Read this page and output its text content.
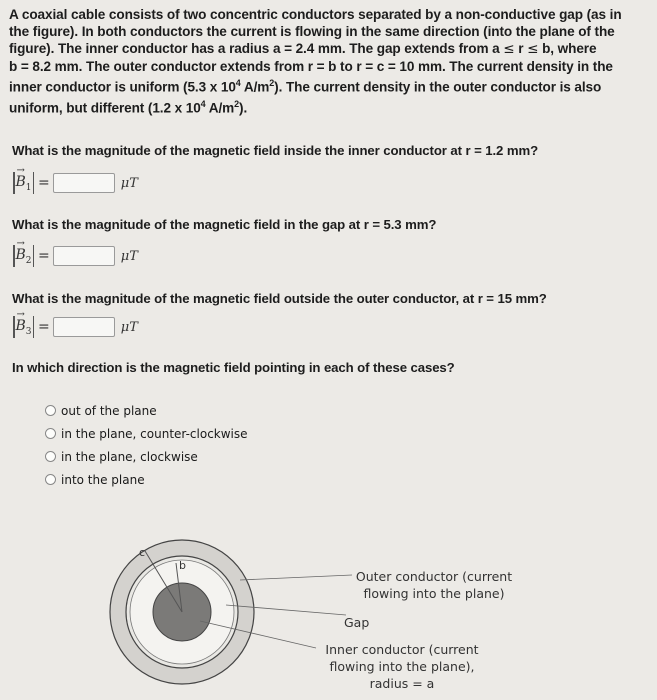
A coaxial cable consists of two concentric conductors separated by a non-conductive gap (as in
the figure). In both conductors the current is flowing in the same direction (into the plane of the
figure). The inner conductor has a radius a = 2.4 mm. The gap extends from a ≤ r ≤ b, where
b = 8.2 mm. The outer conductor extends from r = b to r = c = 10 mm. The current density in the
inner conductor is uniform (5.3 x $10^4$ $A/m^2$). The current density in the outer conductor is also
uniform, but different (1.2 x $10^4$ $A/m^2$).
What is the magnitude of the magnetic field inside the inner conductor at r = 1.2 mm?
B
→
$_1$ =	μT
What is the magnitude of the magnetic field in the gap at r = 5.3 mm?
B
→
$_2$ =	μT
What is the magnitude of the magnetic field outside the outer conductor, at r = 15 mm?
B
→
$_3$ =	μT
In which direction is the magnetic field pointing in each of these cases?
out of the plane
in the plane, counter-clockwise
in the plane, clockwise
into the plane
c
b
Outer conductor (current
flowing into the plane)
Gap
Inner conductor (current
flowing into the plane),
radius = a
